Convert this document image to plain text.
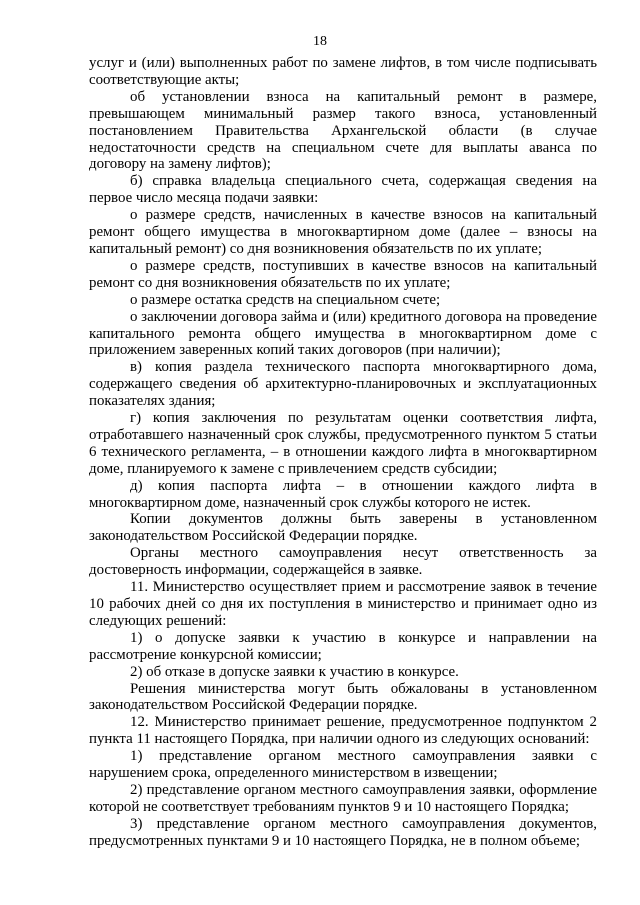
18

услуг и (или) выполненных работ по замене лифтов, в том числе подписывать соответствующие акты;

об установлении взноса на капитальный ремонт в размере, превышающем минимальный размер такого взноса, установленный постановлением Правительства Архангельской области (в случае недостаточности средств на специальном счете для выплаты аванса по договору на замену лифтов);

б) справка владельца специального счета, содержащая сведения на первое число месяца подачи заявки:

о размере средств, начисленных в качестве взносов на капитальный ремонт общего имущества в многоквартирном доме (далее – взносы на капитальный ремонт) со дня возникновения обязательств по их уплате;

о размере средств, поступивших в качестве взносов на капитальный ремонт со дня возникновения обязательств по их уплате;

о размере остатка средств на специальном счете;

о заключении договора займа и (или) кредитного договора на проведение капитального ремонта общего имущества в многоквартирном доме с приложением заверенных копий таких договоров (при наличии);

в) копия раздела технического паспорта многоквартирного дома, содержащего сведения об архитектурно-планировочных и эксплуатационных показателях здания;

г) копия заключения по результатам оценки соответствия лифта, отработавшего назначенный срок службы, предусмотренного пунктом 5 статьи 6 технического регламента, – в отношении каждого лифта в многоквартирном доме, планируемого к замене с привлечением средств субсидии;

д) копия паспорта лифта – в отношении каждого лифта в многоквартирном доме, назначенный срок службы которого не истек.

Копии документов должны быть заверены в установленном законодательством Российской Федерации порядке.

Органы местного самоуправления несут ответственность за достоверность информации, содержащейся в заявке.

11. Министерство осуществляет прием и рассмотрение заявок в течение 10 рабочих дней со дня их поступления в министерство и принимает одно из следующих решений:

1) о допуске заявки к участию в конкурсе и направлении на рассмотрение конкурсной комиссии;

2) об отказе в допуске заявки к участию в конкурсе.

Решения министерства могут быть обжалованы в установленном законодательством Российской Федерации порядке.

12. Министерство принимает решение, предусмотренное подпунктом 2 пункта 11 настоящего Порядка, при наличии одного из следующих оснований:

1) представление органом местного самоуправления заявки с нарушением срока, определенного министерством в извещении;

2) представление органом местного самоуправления заявки, оформление которой не соответствует требованиям пунктов 9 и 10 настоящего Порядка;

3) представление органом местного самоуправления документов, предусмотренных пунктами 9 и 10 настоящего Порядка, не в полном объеме;
